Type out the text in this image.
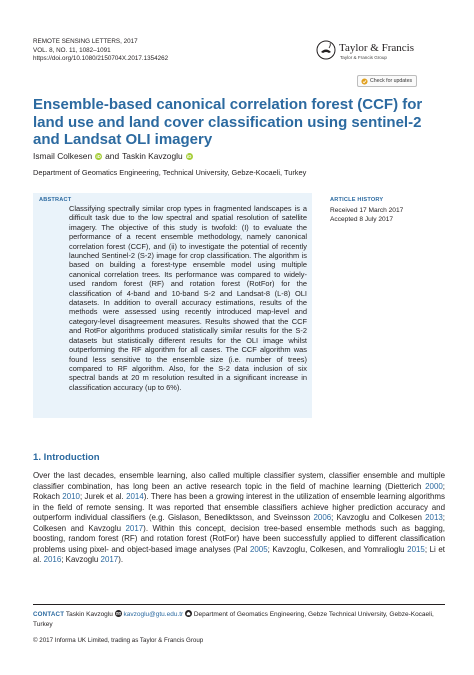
REMOTE SENSING LETTERS, 2017
VOL. 8, NO. 11, 1082–1091
https://doi.org/10.1080/2150704X.2017.1354262
Taylor & Francis
Taylor & Francis Group
Check for updates
Ensemble-based canonical correlation forest (CCF) for land use and land cover classification using sentinel-2 and Landsat OLI imagery
Ismail Colkesen iD and Taskin Kavzoglu iD
Department of Geomatics Engineering, Technical University, Gebze-Kocaeli, Turkey
ABSTRACT

Classifying spectrally similar crop types in fragmented landscapes is a difficult task due to the low spectral and spatial resolution of satellite imagery. The objective of this study is twofold: (I) to evaluate the performance of a recent ensemble methodology, namely canonical correlation forest (CCF), and (ii) to investigate the potential of recently launched Sentinel-2 (S-2) image for crop classification. The algorithm is based on building a forest-type ensemble model using multiple canonical correlation trees. Its performance was compared to widely-used random forest (RF) and rotation forest (RotFor) for the classification of 4-band and 10-band S-2 and Landsat-8 (L-8) OLI datasets. In addition to overall accuracy estimations, results of the methods were assessed using recently introduced map-level and category-level disagreement measures. Results showed that the CCF and RotFor algorithms produced statistically similar results for the S-2 datasets but statistically different results for the OLI image whilst outperforming the RF algorithm for all cases. The CCF algorithm was found less sensitive to the ensemble size (i.e. number of trees) compared to RF algorithm. Also, for the S-2 data inclusion of six spectral bands at 20 m resolution resulted in a significant increase in classification accuracy (up to 6%).

ARTICLE HISTORY
Received 17 March 2017
Accepted 8 July 2017
1. Introduction

Over the last decades, ensemble learning, also called multiple classifier system, classifier ensemble and multiple classifier combination, has long been an active research topic in the field of machine learning (Dietterich 2000; Rokach 2010; Jurek et al. 2014). There has been a growing interest in the utilization of ensemble learning algorithms in the field of remote sensing. It was reported that ensemble classifiers achieve higher prediction accuracy and outperform individual classifiers (e.g. Gislason, Benediktsson, and Sveinsson 2006; Kavzoglu and Colkesen 2013; Colkesen and Kavzoglu 2017). Within this concept, decision tree-based ensemble methods such as bagging, boosting, random forest (RF) and rotation forest (RotFor) have been successfully applied to different classification problems using pixel- and object-based image analyses (Pal 2005; Kavzoglu, Colkesen, and Yomralioglu 2015; Li et al. 2016; Kavzoglu 2017).

CONTACT Taskin Kavzoglu kavzoglu@gtu.edu.tr Department of Geomatics Engineering, Gebze Technical University, Gebze-Kocaeli, Turkey
© 2017 Informa UK Limited, trading as Taylor & Francis Group
